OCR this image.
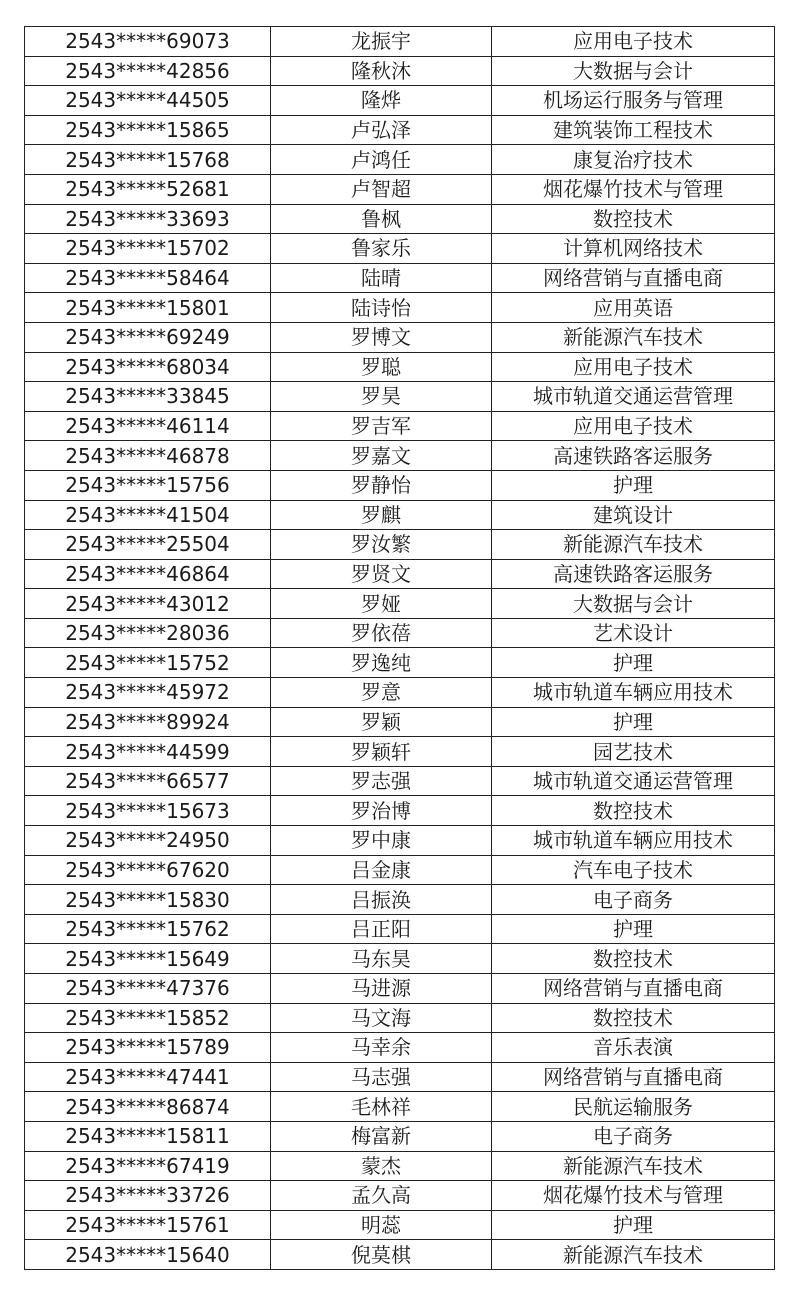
2543*****69073	龙振宇	应用电子技术
2543*****42856	隆秋沐	大数据与会计
2543*****44505	隆烨	机场运行服务与管理
2543*****15865	卢弘泽	建筑装饰工程技术
2543*****15768	卢鸿任	康复治疗技术
2543*****52681	卢智超	烟花爆竹技术与管理
2543*****33693	鲁枫	数控技术
2543*****15702	鲁家乐	计算机网络技术
2543*****58464	陆晴	网络营销与直播电商
2543*****15801	陆诗怡	应用英语
2543*****69249	罗博文	新能源汽车技术
2543*****68034	罗聪	应用电子技术
2543*****33845	罗昊	城市轨道交通运营管理
2543*****46114	罗吉军	应用电子技术
2543*****46878	罗嘉文	高速铁路客运服务
2543*****15756	罗静怡	护理
2543*****41504	罗麒	建筑设计
2543*****25504	罗汝繁	新能源汽车技术
2543*****46864	罗贤文	高速铁路客运服务
2543*****43012	罗娅	大数据与会计
2543*****28036	罗依蓓	艺术设计
2543*****15752	罗逸纯	护理
2543*****45972	罗意	城市轨道车辆应用技术
2543*****89924	罗颖	护理
2543*****44599	罗颖轩	园艺技术
2543*****66577	罗志强	城市轨道交通运营管理
2543*****15673	罗治博	数控技术
2543*****24950	罗中康	城市轨道车辆应用技术
2543*****67620	吕金康	汽车电子技术
2543*****15830	吕振涣	电子商务
2543*****15762	吕正阳	护理
2543*****15649	马东昊	数控技术
2543*****47376	马进源	网络营销与直播电商
2543*****15852	马文海	数控技术
2543*****15789	马幸余	音乐表演
2543*****47441	马志强	网络营销与直播电商
2543*****86874	毛林祥	民航运输服务
2543*****15811	梅富新	电子商务
2543*****67419	蒙杰	新能源汽车技术
2543*****33726	孟久高	烟花爆竹技术与管理
2543*****15761	明蕊	护理
2543*****15640	倪莫棋	新能源汽车技术
